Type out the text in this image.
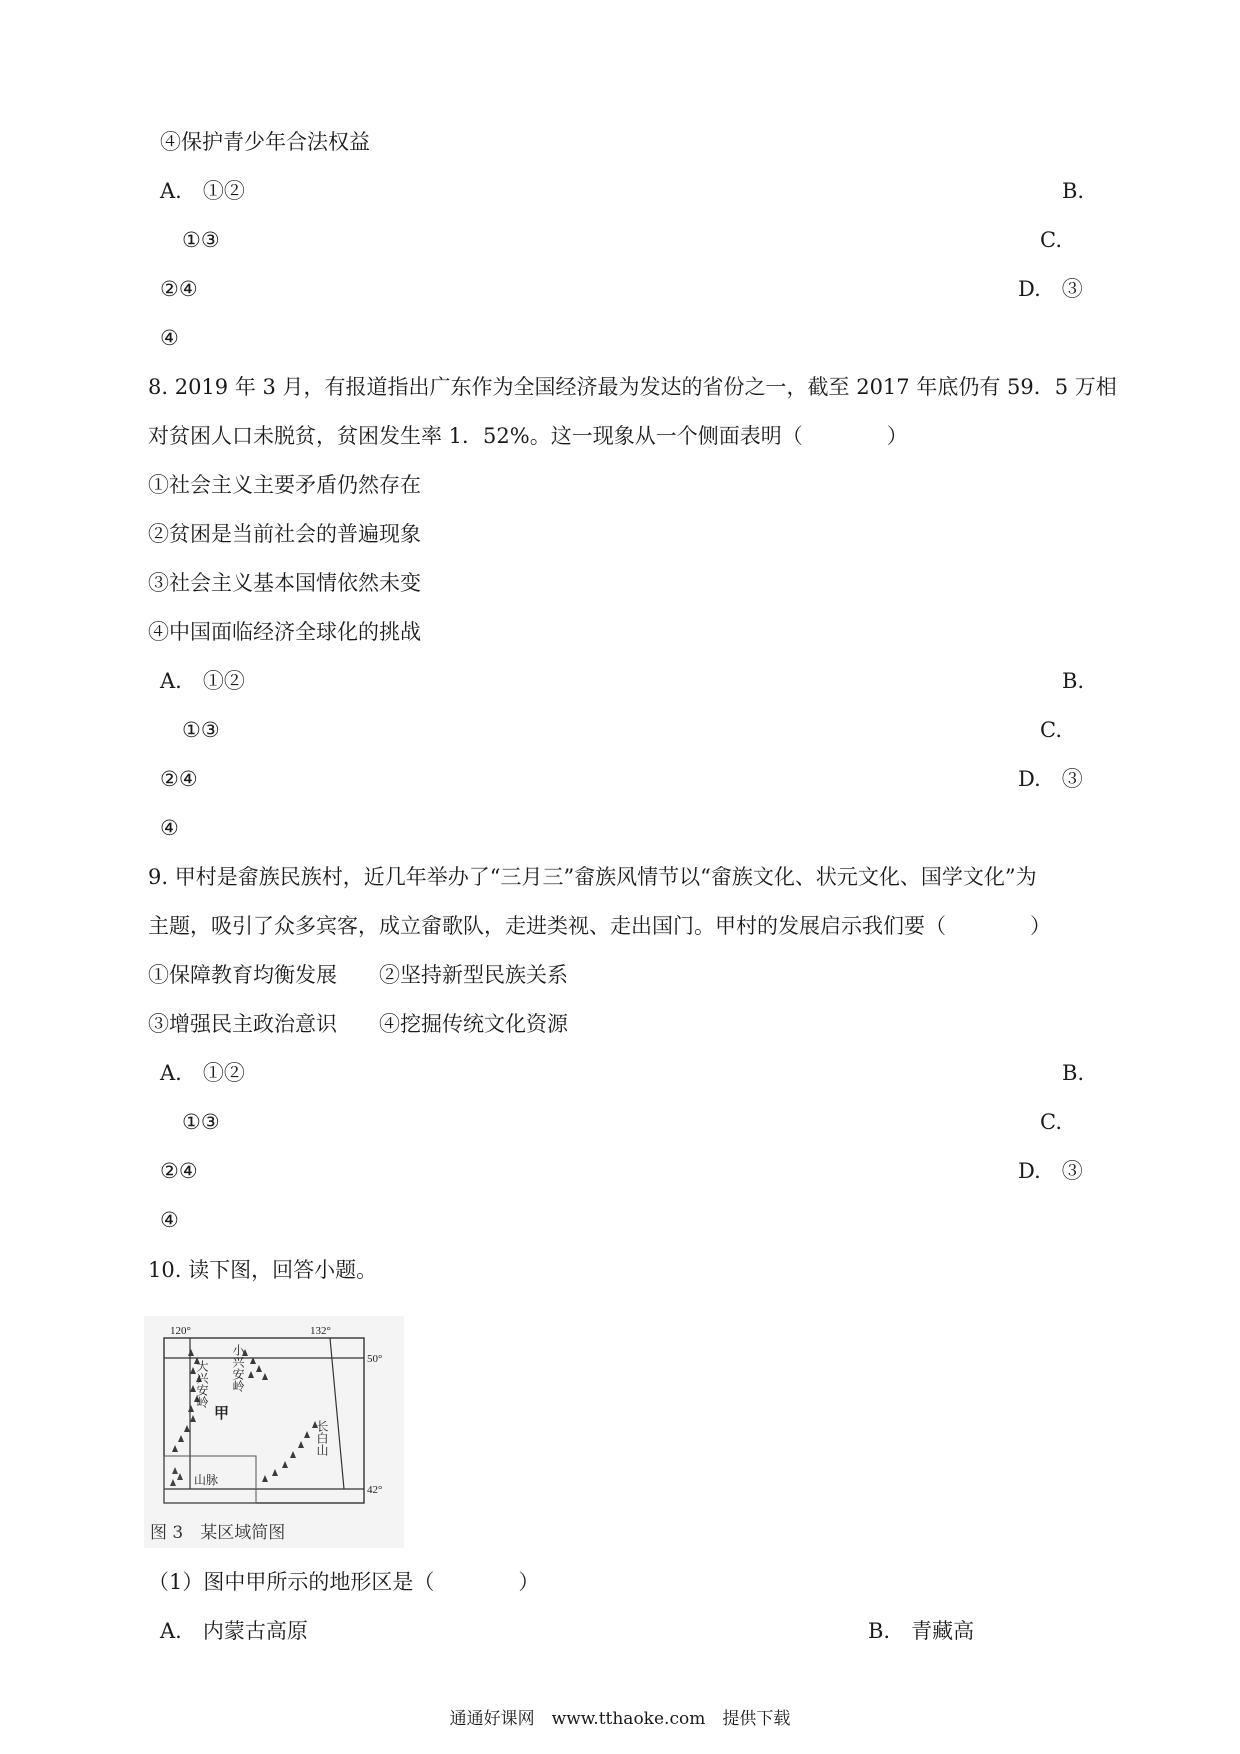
④保护青少年合法权益
A.　①②	B.
①③	C.
②④	D.　③
④
8. 2019 年 3 月，有报道指出广东作为全国经济最为发达的省份之一，截至 2017 年底仍有 59．5 万相
对贫困人口未脱贫，贫困发生率 1．52%。这一现象从一个侧面表明（　　　　）
①社会主义主要矛盾仍然存在
②贫困是当前社会的普遍现象
③社会主义基本国情依然未变
④中国面临经济全球化的挑战
A.　①②	B.
①③	C.
②④	D.　③
④
9. 甲村是畲族民族村，近几年举办了“三月三”畲族风情节以“畲族文化、状元文化、国学文化”为
主题，吸引了众多宾客，成立畲歌队，走进类视、走出国门。甲村的发展启示我们要（　　　　）
①保障教育均衡发展　　②坚持新型民族关系
③增强民主政治意识　　④挖掘传统文化资源
A.　①②	B.
①③	C.
②④	D.　③
④
10. 读下图，回答小题。
120°	132°
50°
42°
甲
大兴安岭 小兴安岭
长白山
山脉
图 3　某区域简图
（1）图中甲所示的地形区是（　　　　）
A.　内蒙古高原	B.　青藏高
通通好课网　www.tthaoke.com　提供下载
